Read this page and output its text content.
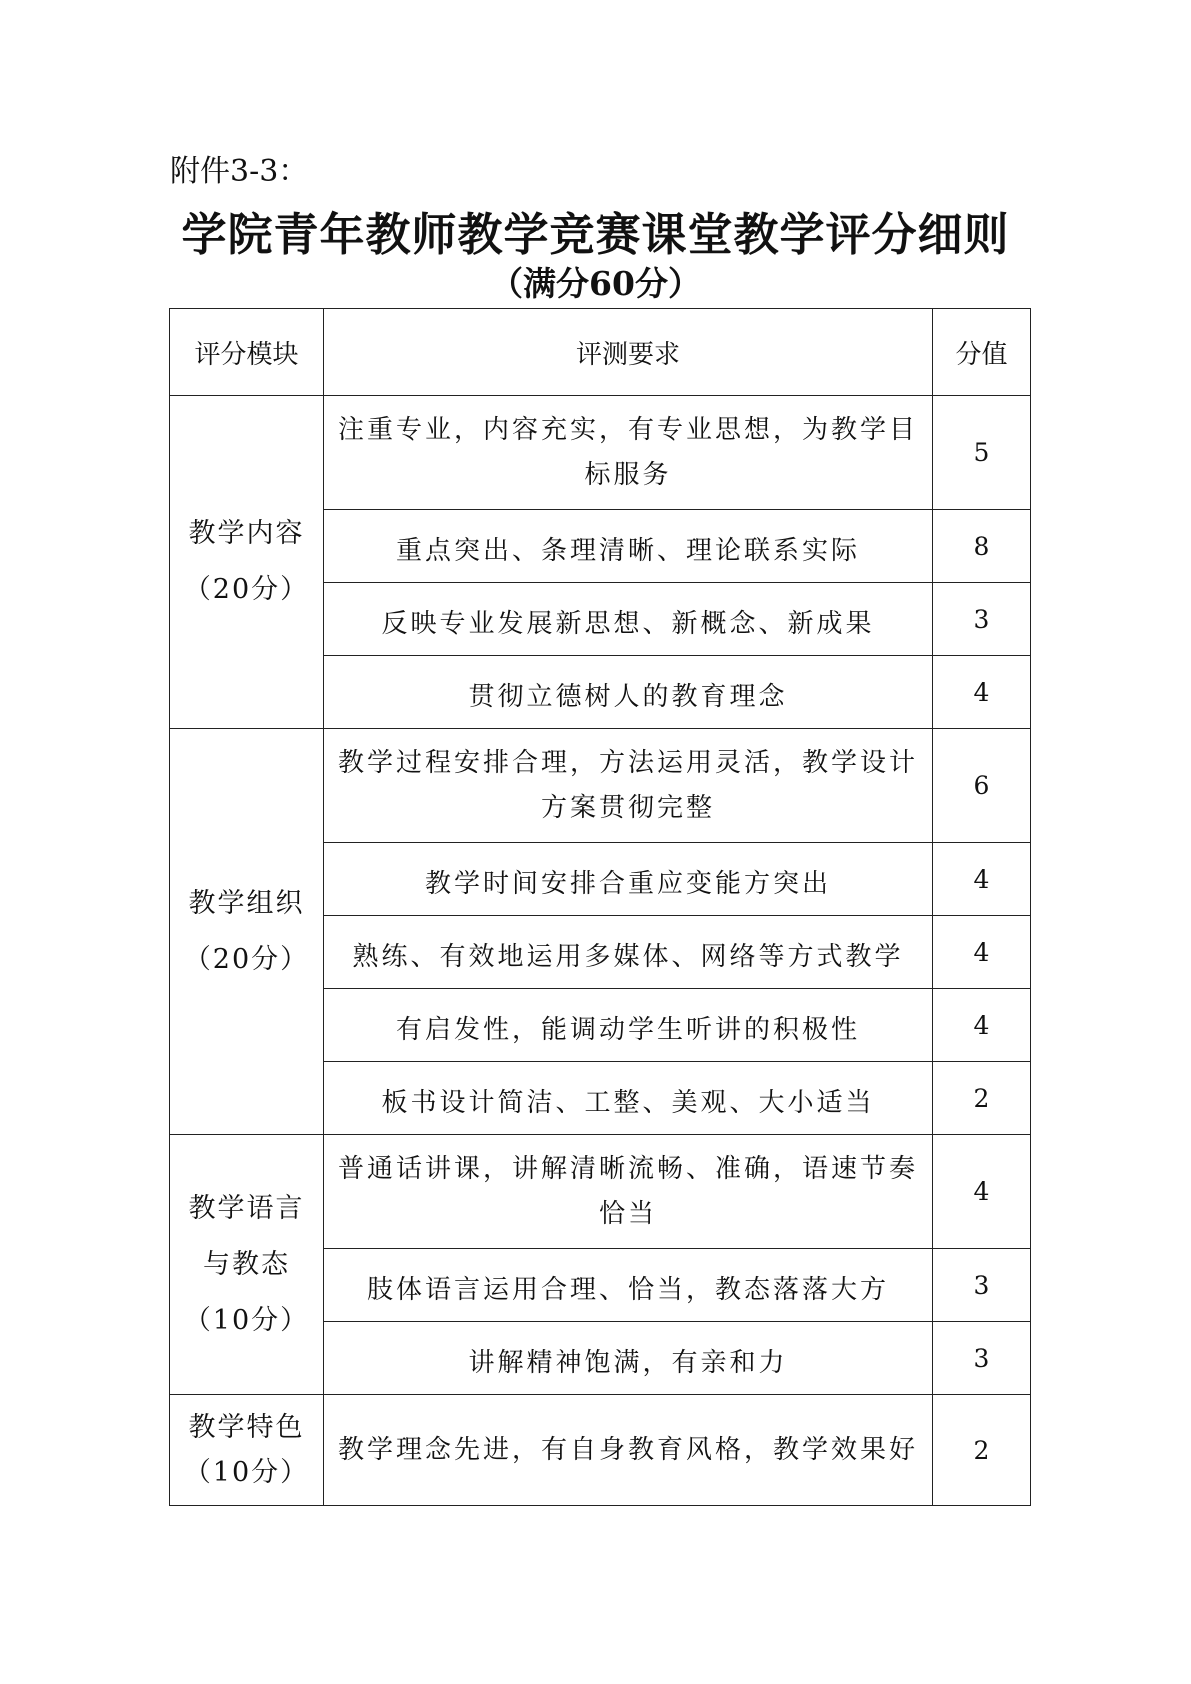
附件3-3：
学院青年教师教学竞赛课堂教学评分细则
（满分60分）
评分模块	评测要求	分值

教学内容
（20分）	注重专业，内容充实，有专业思想，为教学目标服务	5
	重点突出、条理清晰、理论联系实际	8
	反映专业发展新思想、新概念、新成果	3
	贯彻立德树人的教育理念	4

教学组织
（20分）	教学过程安排合理，方法运用灵活，教学设计方案贯彻完整	6
	教学时间安排合重应变能方突出	4
	熟练、有效地运用多媒体、网络等方式教学	4
	有启发性，能调动学生听讲的积极性	4
	板书设计简洁、工整、美观、大小适当	2

教学语言
与教态
（10分）	普通话讲课，讲解清晰流畅、准确，语速节奏恰当	4
	肢体语言运用合理、恰当，教态落落大方	3
	讲解精神饱满，有亲和力	3

教学特色
（10分）	教学理念先进，有自身教育风格，教学效果好	2
